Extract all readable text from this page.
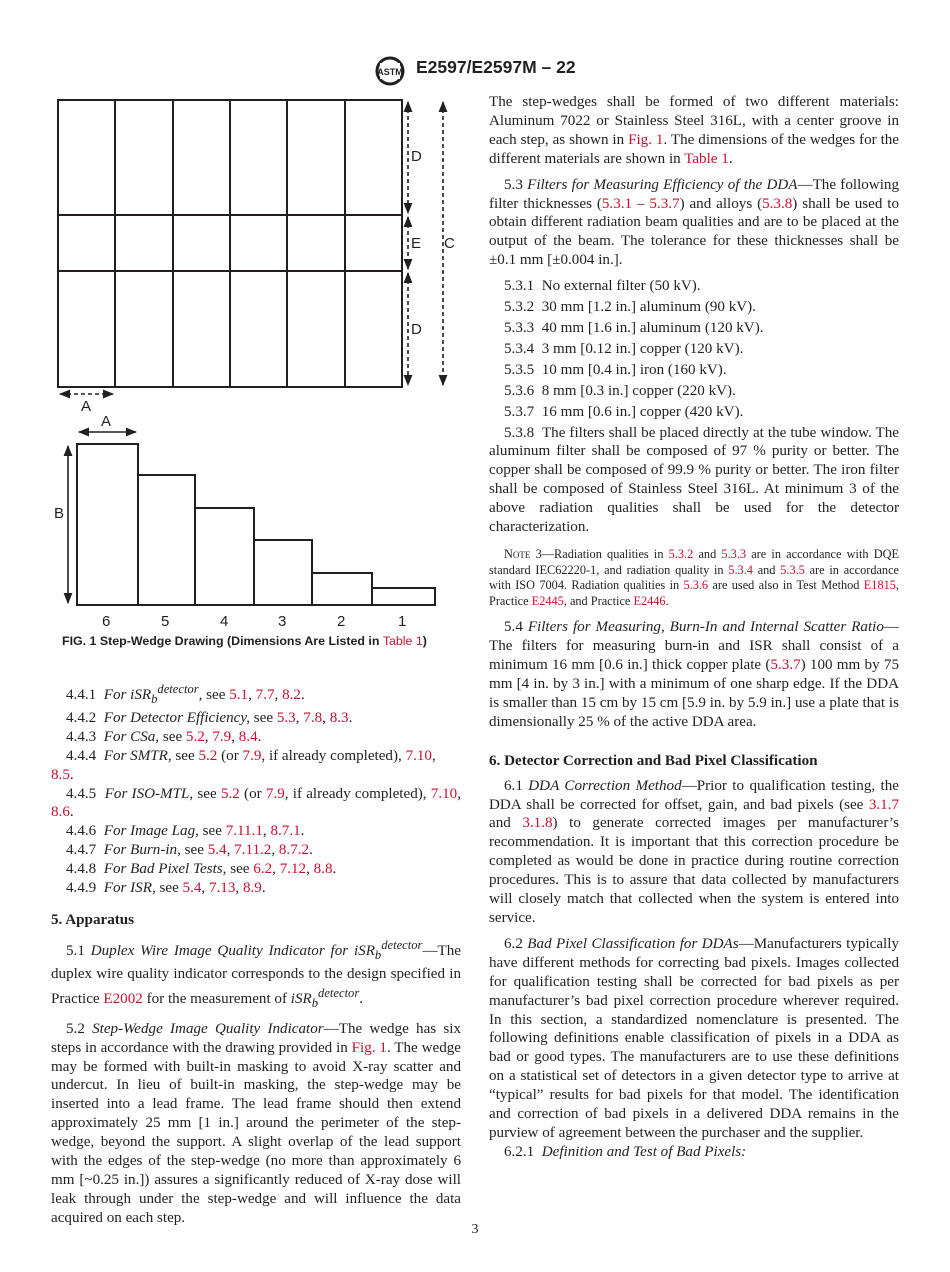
ASTM E2597/E2597M – 22
D
E C
D
A
A
B
6	5	4	3	2	1
FIG. 1 Step-Wedge Drawing (Dimensions Are Listed in Table 1)

4.4.1 For iSR$_b^{detector}$, see 5.1, 7.7, 8.2.

4.4.2 For Detector Efficiency, see 5.3, 7.8, 8.3.

4.4.3 For CSa, see 5.2, 7.9, 8.4.

4.4.4 For SMTR, see 5.2 (or 7.9, if already completed), 7.10,
8.5.

4.4.5 For ISO-MTL, see 5.2 (or 7.9, if already completed), 7.10, 8.6.

4.4.6 For Image Lag, see 7.11.1, 8.7.1.

4.4.7 For Burn-in, see 5.4, 7.11.2, 8.7.2.

4.4.8 For Bad Pixel Tests, see 6.2, 7.12, 8.8.

4.4.9 For ISR, see 5.4, 7.13, 8.9.

5. Apparatus

5.1 Duplex Wire Image Quality Indicator for iSR$_b^{detector}$—The duplex wire quality indicator corresponds to the design specified in Practice E2002 for the measurement of iSR$_b^{detector}$.

5.2 Step-Wedge Image Quality Indicator—The wedge has six steps in accordance with the drawing provided in Fig. 1. The wedge may be formed with built-in masking to avoid X-ray scatter and undercut. In lieu of built-in masking, the step-wedge may be inserted into a lead frame. The lead frame should then extend approximately 25 mm [1 in.] around the perimeter of the step-wedge, beyond the support. A slight overlap of the lead support with the edges of the step-wedge (no more than approximately 6 mm [~0.25 in.]) assures a significantly reduced of X-ray dose will leak through under the step-wedge and will influence the data acquired on each step.

The step-wedges shall be formed of two different materials: Aluminum 7022 or Stainless Steel 316L, with a center groove in each step, as shown in Fig. 1. The dimensions of the wedges for the different materials are shown in Table 1.

5.3 Filters for Measuring Efficiency of the DDA—The following filter thicknesses (5.3.1 – 5.3.7) and alloys (5.3.8) shall be used to obtain different radiation beam qualities and are to be placed at the output of the beam. The tolerance for these thicknesses shall be ±0.1 mm [±0.004 in.].

5.3.1 No external filter (50 kV).

5.3.2 30 mm [1.2 in.] aluminum (90 kV).

5.3.3 40 mm [1.6 in.] aluminum (120 kV).

5.3.4 3 mm [0.12 in.] copper (120 kV).

5.3.5 10 mm [0.4 in.] iron (160 kV).

5.3.6 8 mm [0.3 in.] copper (220 kV).

5.3.7 16 mm [0.6 in.] copper (420 kV).

5.3.8 The filters shall be placed directly at the tube window. The aluminum filter shall be composed of 97 % purity or better. The copper shall be composed of 99.9 % purity or better. The iron filter shall be composed of Stainless Steel 316L. At minimum 3 of the above radiation qualities shall be used for the detector characterization.

Note 3—Radiation qualities in 5.3.2 and 5.3.3 are in accordance with DQE standard IEC62220-1, and radiation quality in 5.3.4 and 5.3.5 are in accordance with ISO 7004. Radiation qualities in 5.3.6 are used also in Test Method E1815, Practice E2445, and Practice E2446.

5.4 Filters for Measuring, Burn-In and Internal Scatter Ratio—The filters for measuring burn-in and ISR shall consist of a minimum 16 mm [0.6 in.] thick copper plate (5.3.7) 100 mm by 75 mm [4 in. by 3 in.] with a minimum of one sharp edge. If the DDA is smaller than 15 cm by 15 cm [5.9 in. by 5.9 in.] use a plate that is dimensionally 25 % of the active DDA area.

6. Detector Correction and Bad Pixel Classification

6.1 DDA Correction Method—Prior to qualification testing, the DDA shall be corrected for offset, gain, and bad pixels (see 3.1.7 and 3.1.8) to generate corrected images per manufacturer’s recommendation. It is important that this correction procedure be completed as would be done in practice during routine correction procedures. This is to assure that data collected by manufacturers will closely match that collected when the system is entered into service.

6.2 Bad Pixel Classification for DDAs—Manufacturers typically have different methods for correcting bad pixels. Images collected for qualification testing shall be corrected for bad pixels as per manufacturer’s bad pixel correction procedure wherever required. In this section, a standardized nomenclature is presented. The following definitions enable classification of pixels in a DDA as bad or good types. The manufacturers are to use these definitions on a statistical set of detectors in a given detector type to arrive at “typical” results for bad pixels for that model. The identification and correction of bad pixels in a delivered DDA remains in the purview of agreement between the purchaser and the supplier.

6.2.1 Definition and Test of Bad Pixels:

3
